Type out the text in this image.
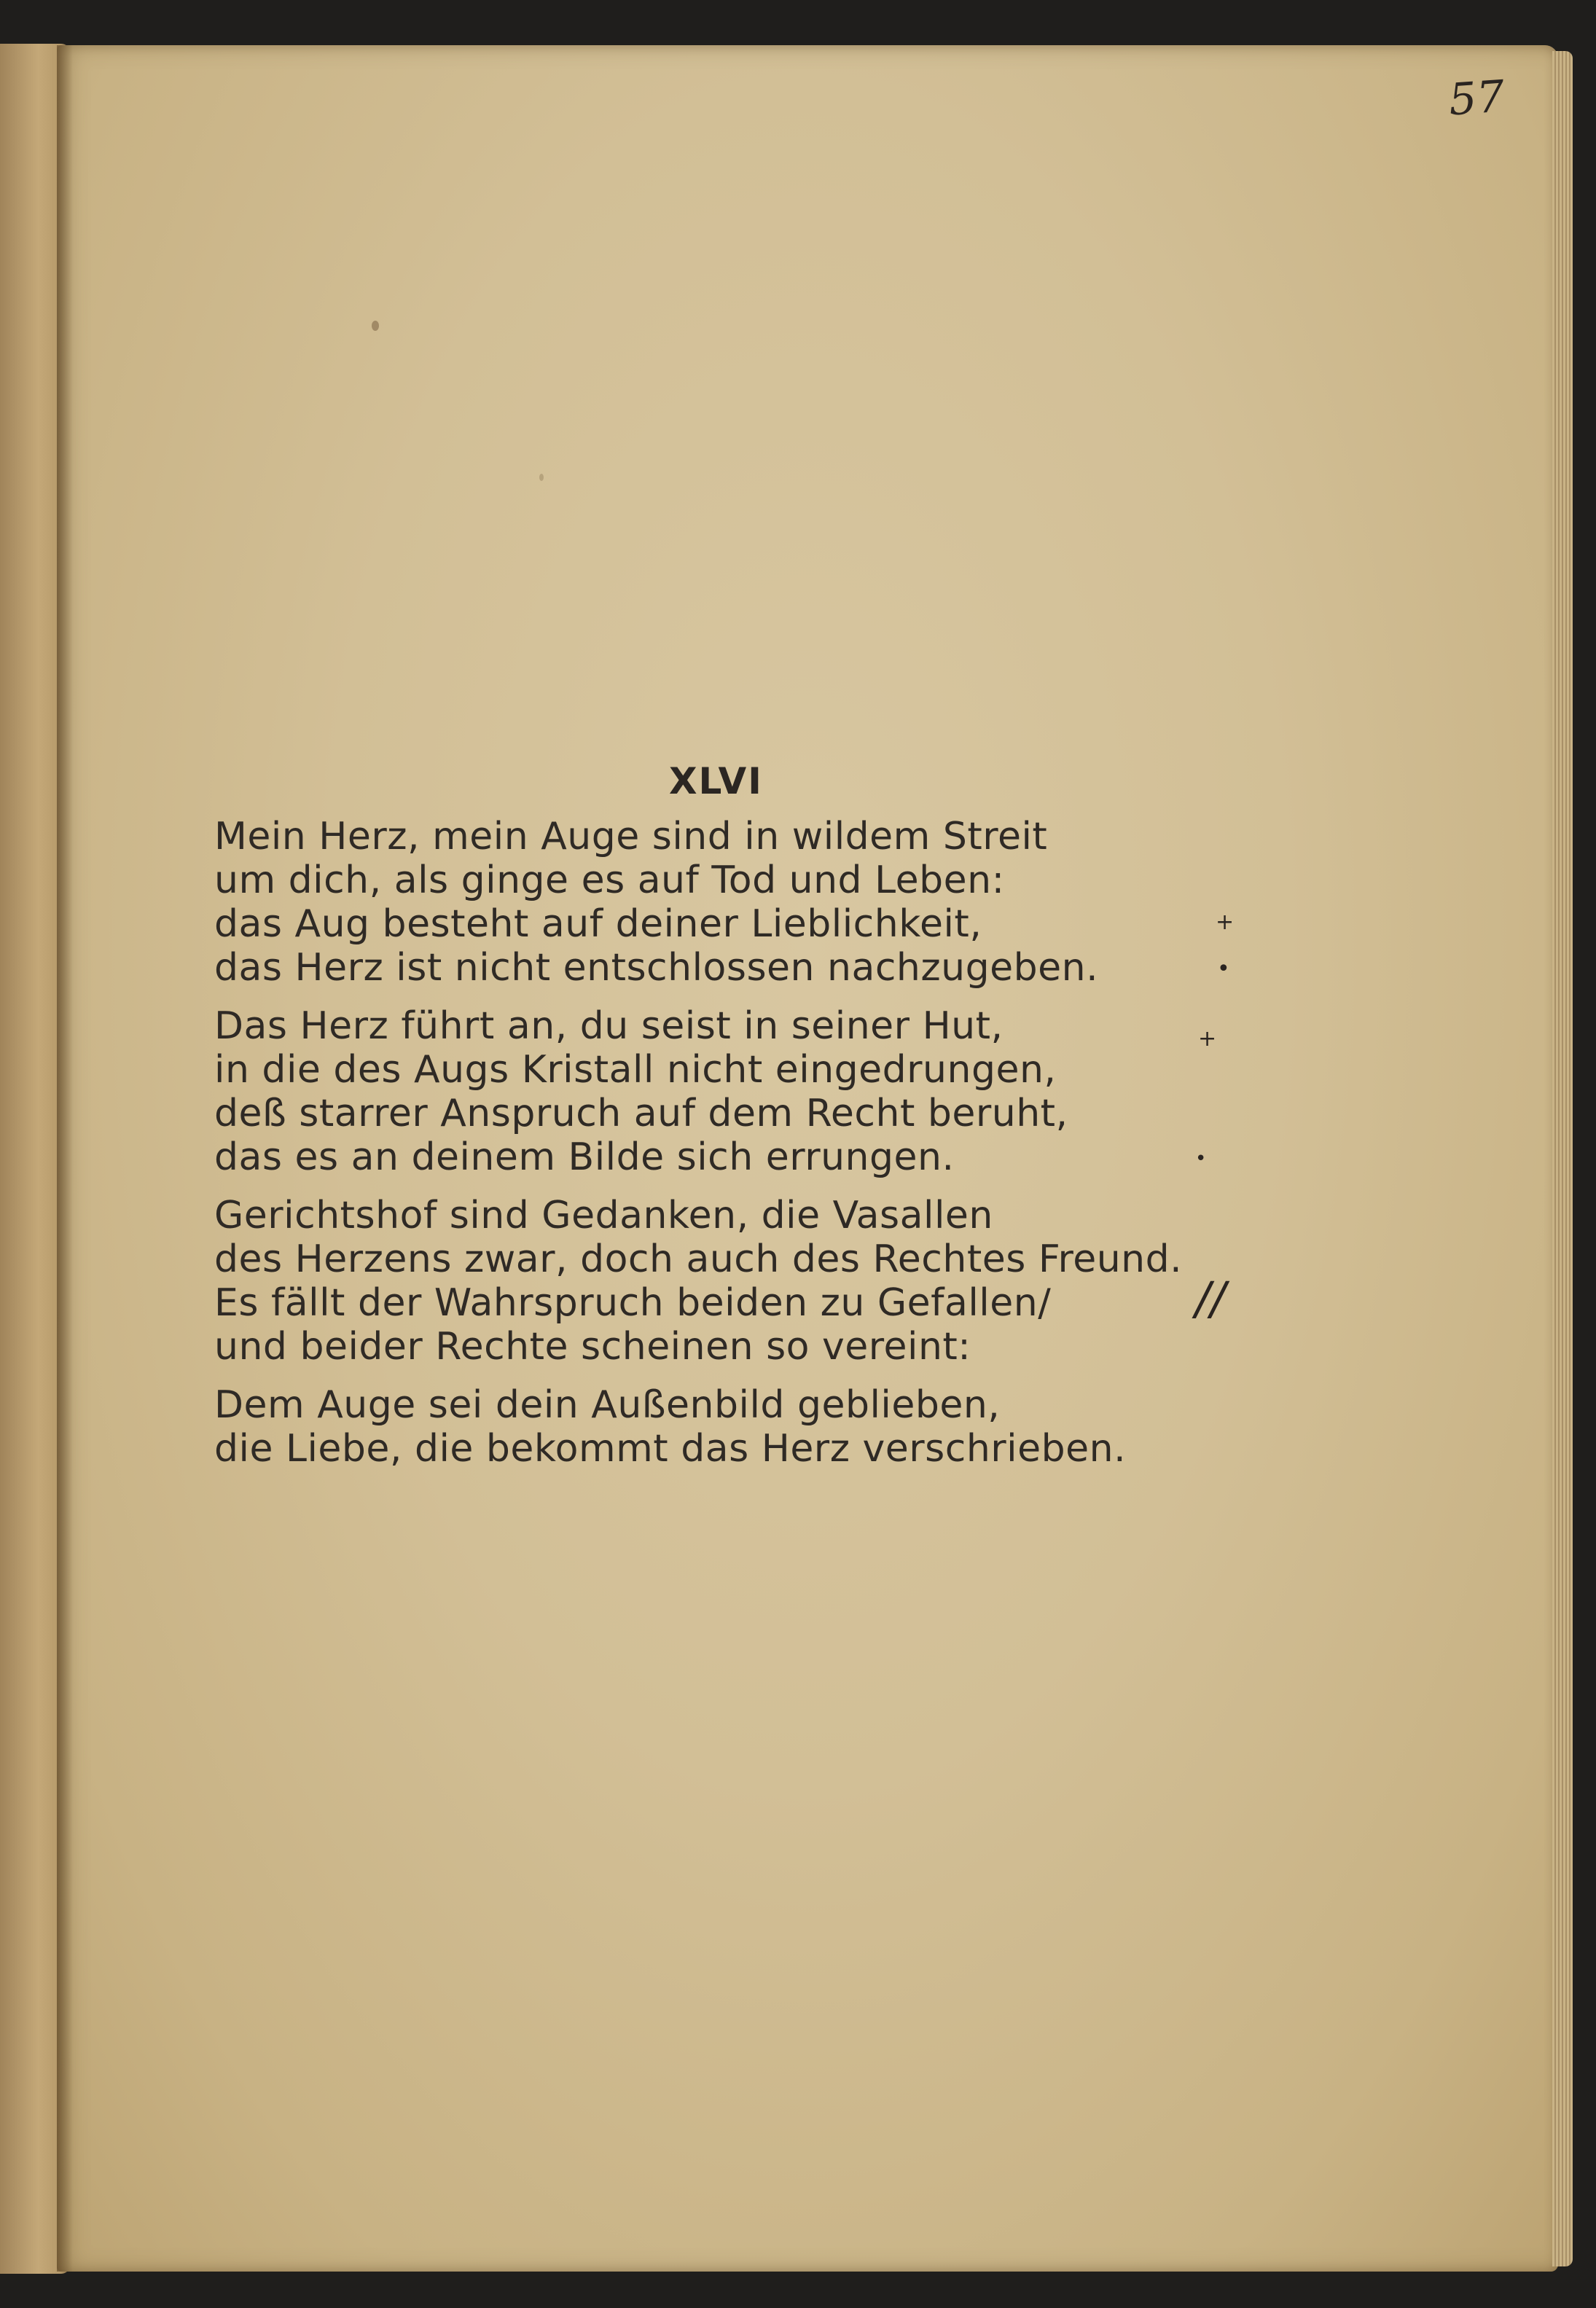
57
XLVI
Mein Herz, mein Auge sind in wildem Streit
um dich, als ginge es auf Tod und Leben:
das Aug besteht auf deiner Lieblichkeit,
das Herz ist nicht entschlossen nachzugeben.
Das Herz führt an, du seist in seiner Hut,
in die des Augs Kristall nicht eingedrungen,
deß starrer Anspruch auf dem Recht beruht,
das es an deinem Bilde sich errungen.
Gerichtshof sind Gedanken, die Vasallen
des Herzens zwar, doch auch des Rechtes Freund.
Es fällt der Wahrspruch beiden zu Gefallen/
und beider Rechte scheinen so vereint:
Dem Auge sei dein Außenbild geblieben,
die Liebe, die bekommt das Herz verschrieben.
+
•
+
•
//
